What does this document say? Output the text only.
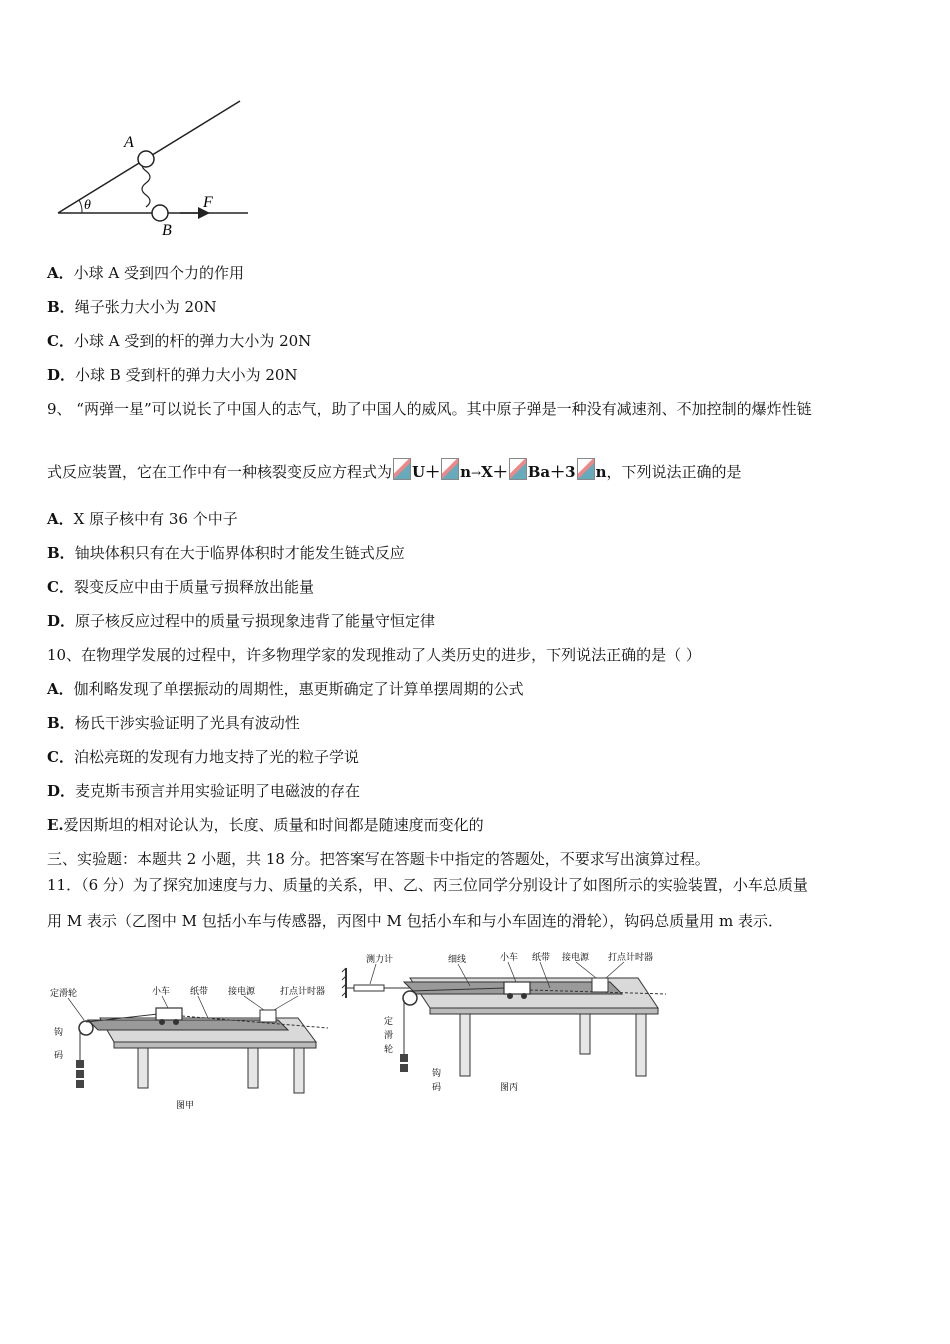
A
B
F
θ
A．小球 A 受到四个力的作用
B．绳子张力大小为 20N
C．小球 A 受到的杆的弹力大小为 20N
D．小球 B 受到杆的弹力大小为 20N
9、 “两弹一星”可以说长了中国人的志气，助了中国人的威风。其中原子弹是一种没有减速剂、不加控制的爆炸性链
式反应装置，它在工作中有一种核裂变反应方程式为 U＋ n→X＋ Ba＋3 n，下列说法正确的是
A．X 原子核中有 36 个中子
B．铀块体积只有在大于临界体积时才能发生链式反应
C．裂变反应中由于质量亏损释放出能量
D．原子核反应过程中的质量亏损现象违背了能量守恒定律
10、在物理学发展的过程中，许多物理学家的发现推动了人类历史的进步，下列说法正确的是（ ）
A．伽利略发现了单摆振动的周期性，惠更斯确定了计算单摆周期的公式
B．杨氏干涉实验证明了光具有波动性
C．泊松亮斑的发现有力地支持了光的粒子学说
D．麦克斯韦预言并用实验证明了电磁波的存在
E.爱因斯坦的相对论认为，长度、质量和时间都是随速度而变化的
三、实验题：本题共 2 小题，共 18 分。把答案写在答题卡中指定的答题处，不要求写出演算过程。
11．（6 分）为了探究加速度与力、质量的关系，甲、乙、丙三位同学分别设计了如图所示的实验装置，小车总质量
用 M 表示（乙图中 M 包括小车与传感器，丙图中 M 包括小车和与小车固连的滑轮），钩码总质量用 m 表示．
定滑轮	小车 纸带 接电源	打点计时器
钩
码
图甲
测力计	细线	小车 纸带 接电源 打点计时器
定
滑
轮
钩
码	图丙
